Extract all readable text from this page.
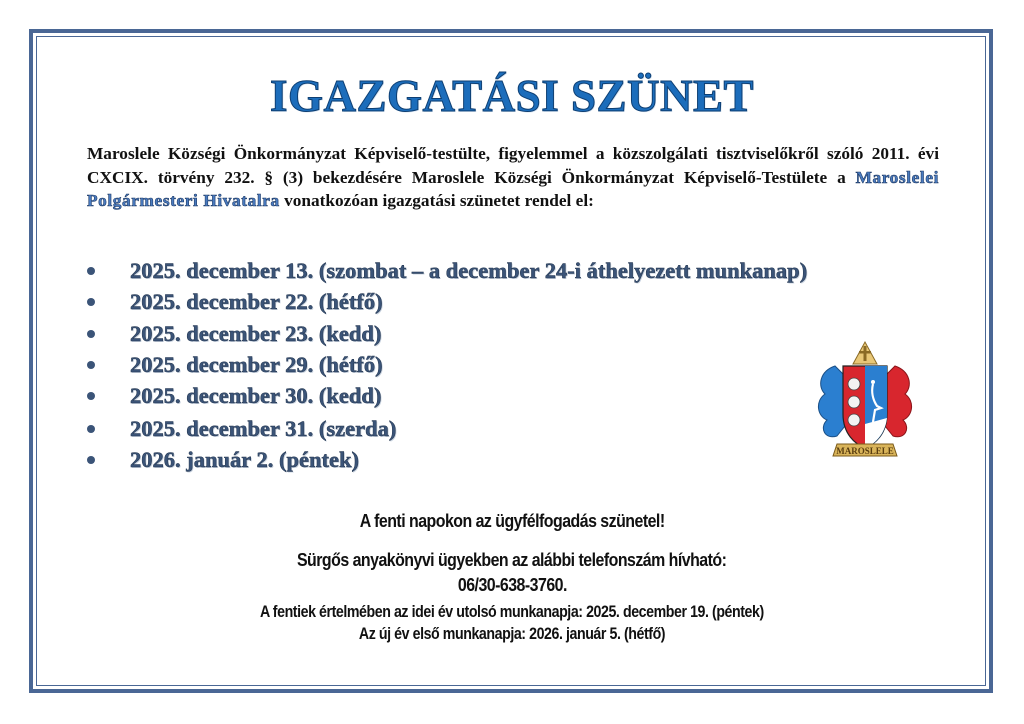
IGAZGATÁSI SZÜNET
Maroslele Községi Önkormányzat Képviselő-testülte, figyelemmel a közszolgálati tisztviselőkről szóló 2011. évi CXCIX. törvény 232. § (3) bekezdésére Maroslele Községi Önkormányzat Képviselő-Testülete a Maroslelei Polgármesteri Hivatalra vonatkozóan igazgatási szünetet rendel el:
2025. december 13. (szombat – a december 24-i áthelyezett munkanap)
2025. december 22. (hétfő)
2025. december 23. (kedd)
2025. december 29. (hétfő)
2025. december 30. (kedd)
2025. december 31. (szerda)
2026. január 2. (péntek)	MAROSLELE
A fenti napokon az ügyfélfogadás szünetel!
Sürgős anyakönyvi ügyekben az alábbi telefonszám hívható:
06/30-638-3760.
A fentiek értelmében az idei év utolsó munkanapja: 2025. december 19. (péntek)
Az új év első munkanapja: 2026. január 5. (hétfő)
